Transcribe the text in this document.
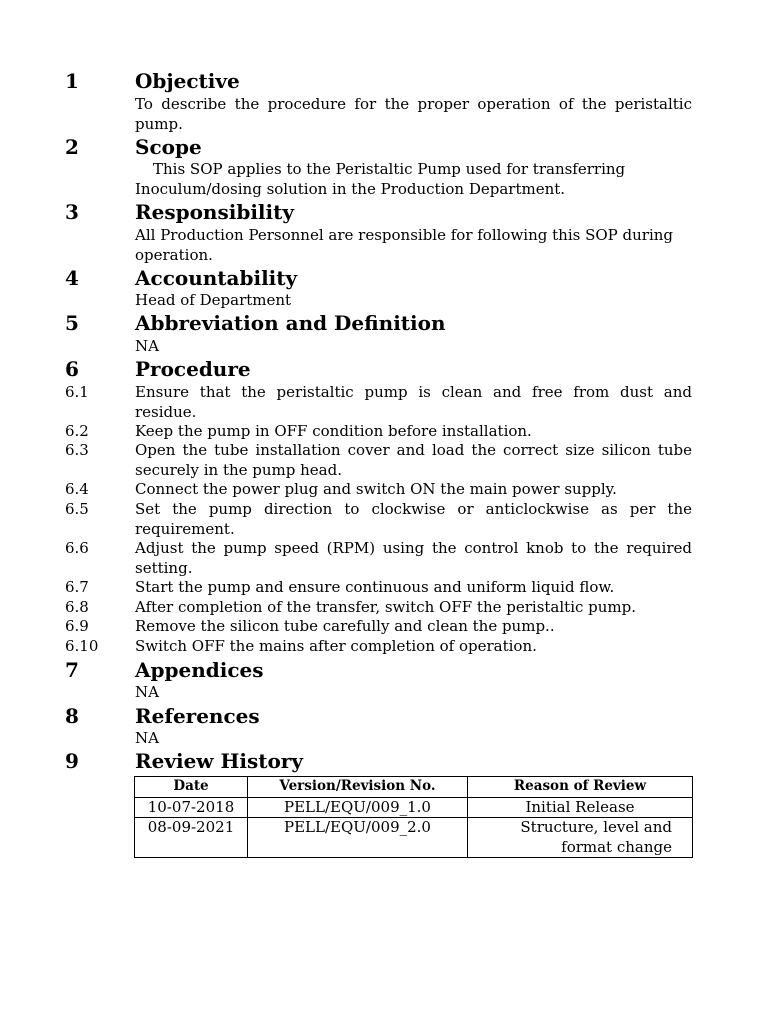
1	Objective

To describe the procedure for the proper operation of the peristaltic pump.

2	Scope

This SOP applies to the Peristaltic Pump used for transferring Inoculum/dosing solution in the Production Department.

3	Responsibility

All Production Personnel are responsible for following this SOP during operation.

4	Accountability

Head of Department

5	Abbreviation and Definition

NA

6	Procedure
6.1	Ensure that the peristaltic pump is clean and free from dust and residue.
6.2	Keep the pump in OFF condition before installation.
6.3	Open the tube installation cover and load the correct size silicon tube securely in the pump head.
6.4	Connect the power plug and switch ON the main power supply.
6.5	Set the pump direction to clockwise or anticlockwise as per the requirement.
6.6	Adjust the pump speed (RPM) using the control knob to the required setting.
6.7	Start the pump and ensure continuous and uniform liquid flow.
6.8	After completion of the transfer, switch OFF the peristaltic pump.
6.9	Remove the silicon tube carefully and clean the pump..
6.10 Switch OFF the mains after completion of operation.
7	Appendices

NA

8	References

NA

9	Review History
Date	Version/Revision No.	Reason of Review
10-07-2018	PELL/EQU/009_1.0	Initial Release
08-09-2021	PELL/EQU/009_2.0	Structure, level and format change
